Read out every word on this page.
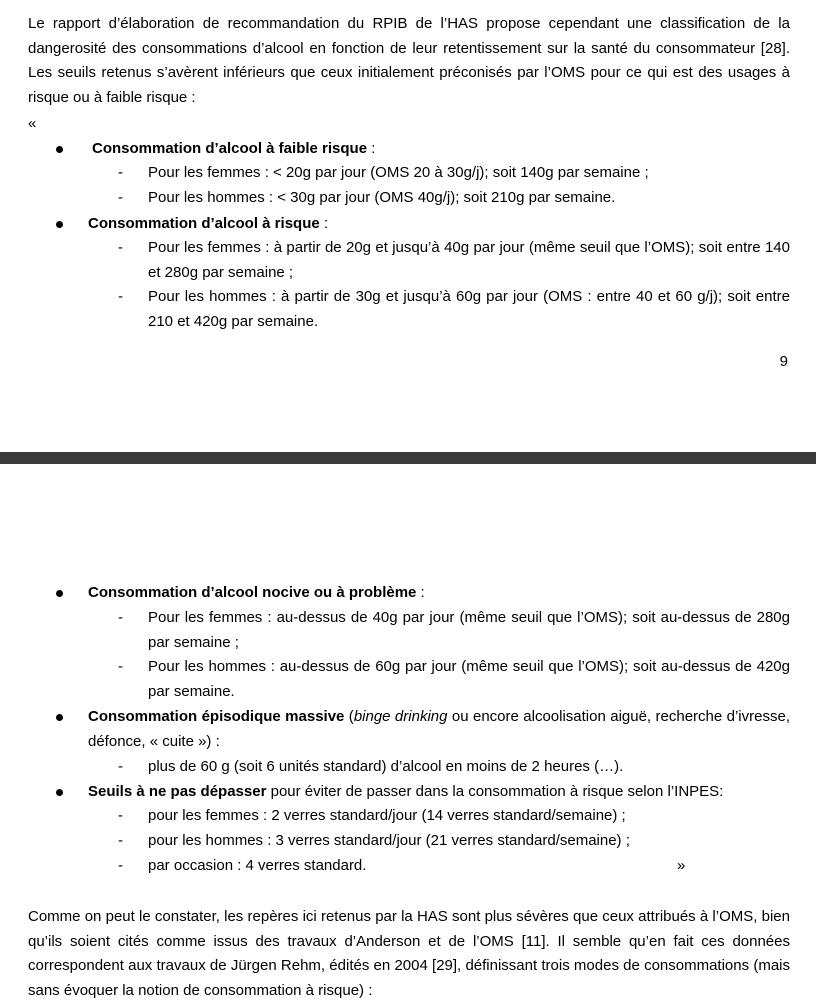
Le rapport d’élaboration de recommandation du RPIB de l’HAS propose cependant une classification de la dangerosité des consommations d’alcool en fonction de leur retentissement sur la santé du consommateur [28]. Les seuils retenus s’avèrent inférieurs que ceux initialement préconisés par l’OMS pour ce qui est des usages à risque ou à faible risque :

«
Consommation d’alcool à faible risque :
- Pour les femmes : < 20g par jour (OMS 20 à 30g/j); soit 140g par semaine ;
- Pour les hommes : < 30g par jour (OMS 40g/j); soit 210g par semaine.
Consommation d’alcool à risque :
- Pour les femmes : à partir de 20g et jusqu’à 40g par jour (même seuil que l’OMS); soit entre 140 et 280g par semaine ;
- Pour les hommes : à partir de 30g et jusqu’à 60g par jour (OMS : entre 40 et 60 g/j); soit entre 210 et 420g par semaine.
9
Consommation d’alcool nocive ou à problème :
- Pour les femmes : au-dessus de 40g par jour (même seuil que l’OMS); soit au-dessus de 280g par semaine ;
- Pour les hommes : au-dessus de 60g par jour (même seuil que l’OMS); soit au-dessus de 420g par semaine.
Consommation épisodique massive (binge drinking ou encore alcoolisation aiguë, recherche d’ivresse, défonce, « cuite ») :
- plus de 60 g (soit 6 unités standard) d’alcool en moins de 2 heures (…).
Seuils à ne pas dépasser pour éviter de passer dans la consommation à risque selon l’INPES:
- pour les femmes : 2 verres standard/jour (14 verres standard/semaine) ;
- pour les hommes : 3 verres standard/jour (21 verres standard/semaine) ;
- par occasion : 4 verres standard.	»

Comme on peut le constater, les repères ici retenus par la HAS sont plus sévères que ceux attribués à l’OMS, bien qu’ils soient cités comme issus des travaux d’Anderson et de l’OMS [11]. Il semble qu’en fait ces données correspondent aux travaux de Jürgen Rehm, édités en 2004 [29], définissant trois modes de consommations (mais sans évoquer la notion de consommation à risque) :
